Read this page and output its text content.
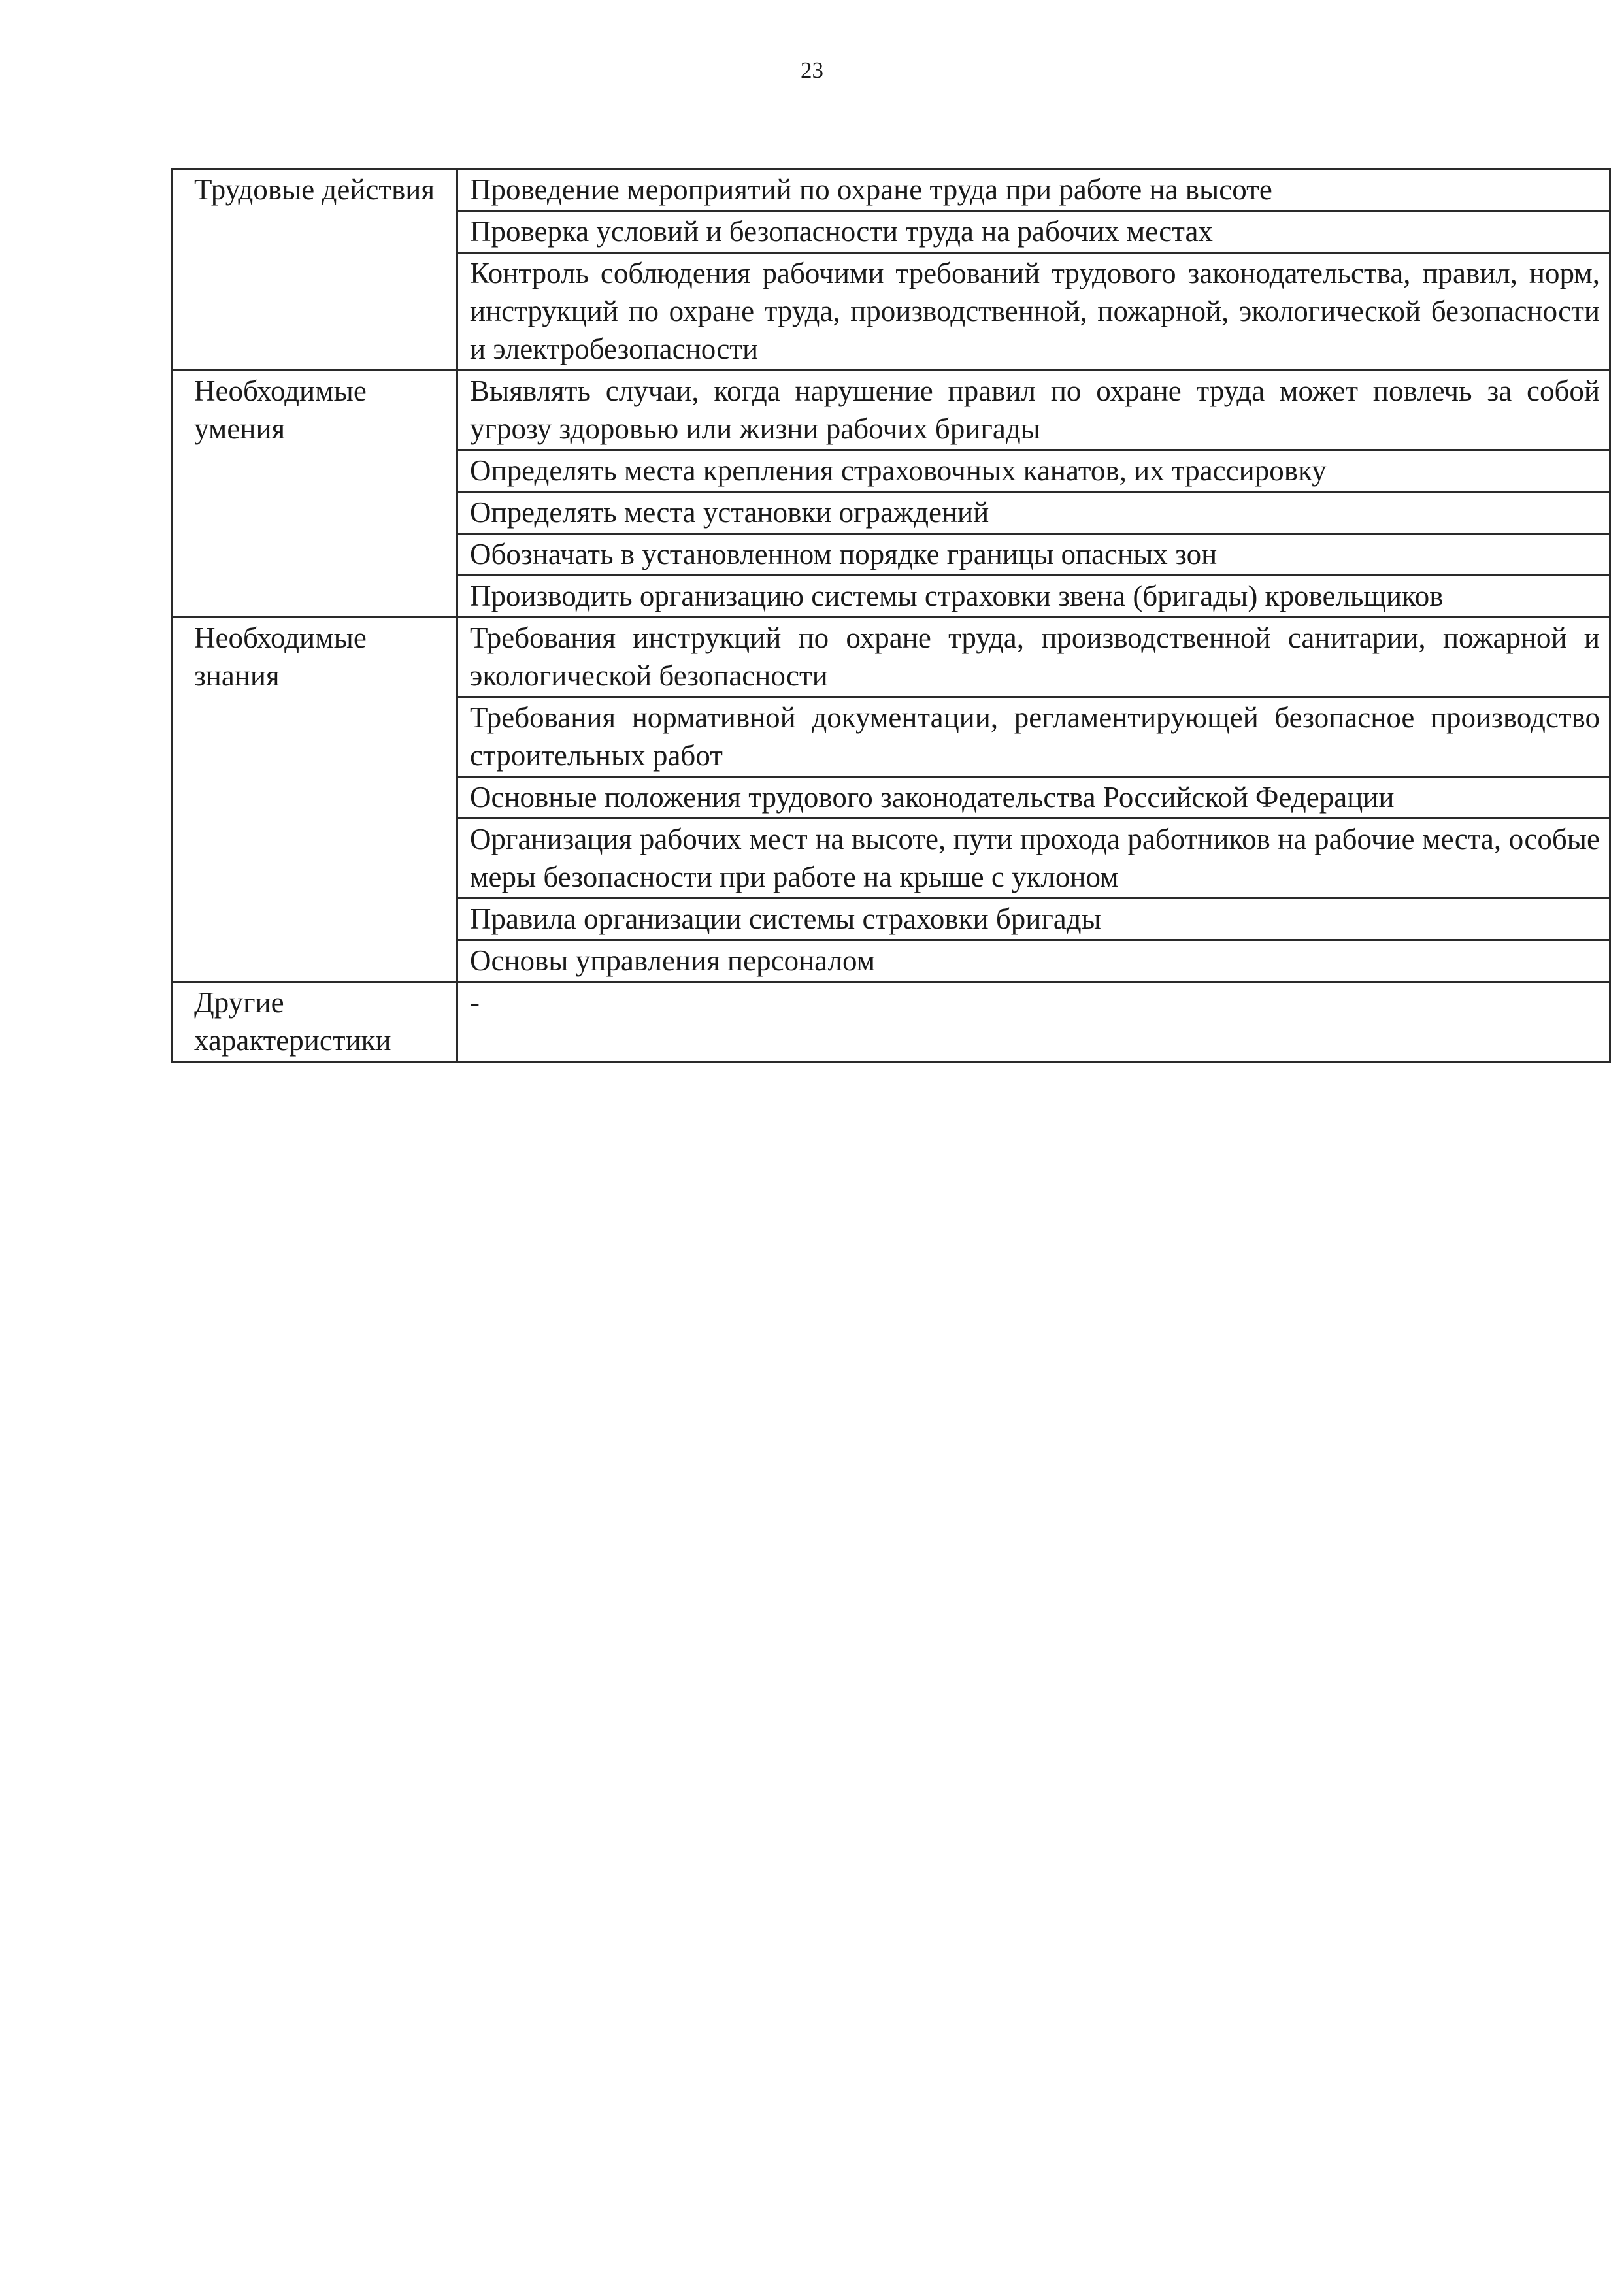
23
Трудовые действия	Проведение мероприятий по охране труда при работе на высоте
	Проверка условий и безопасности труда на рабочих местах
	Контроль соблюдения рабочими требований трудового законодательства, правил, норм, инструкций по охране труда, производственной, пожарной, экологической безопасности и электробезопасности
Необходимые умения	Выявлять случаи, когда нарушение правил по охране труда может повлечь за собой угрозу здоровью или жизни рабочих бригады
	Определять места крепления страховочных канатов, их трассировку
	Определять места установки ограждений
	Обозначать в установленном порядке границы опасных зон
	Производить организацию системы страховки звена (бригады) кровельщиков
Необходимые знания	Требования инструкций по охране труда, производственной санитарии, пожарной и экологической безопасности
	Требования нормативной документации, регламентирующей безопасное производство строительных работ
	Основные положения трудового законодательства Российской Федерации
	Организация рабочих мест на высоте, пути прохода работников на рабочие места, особые меры безопасности при работе на крыше с уклоном
	Правила организации системы страховки бригады
	Основы управления персоналом
Другие характеристики	-
